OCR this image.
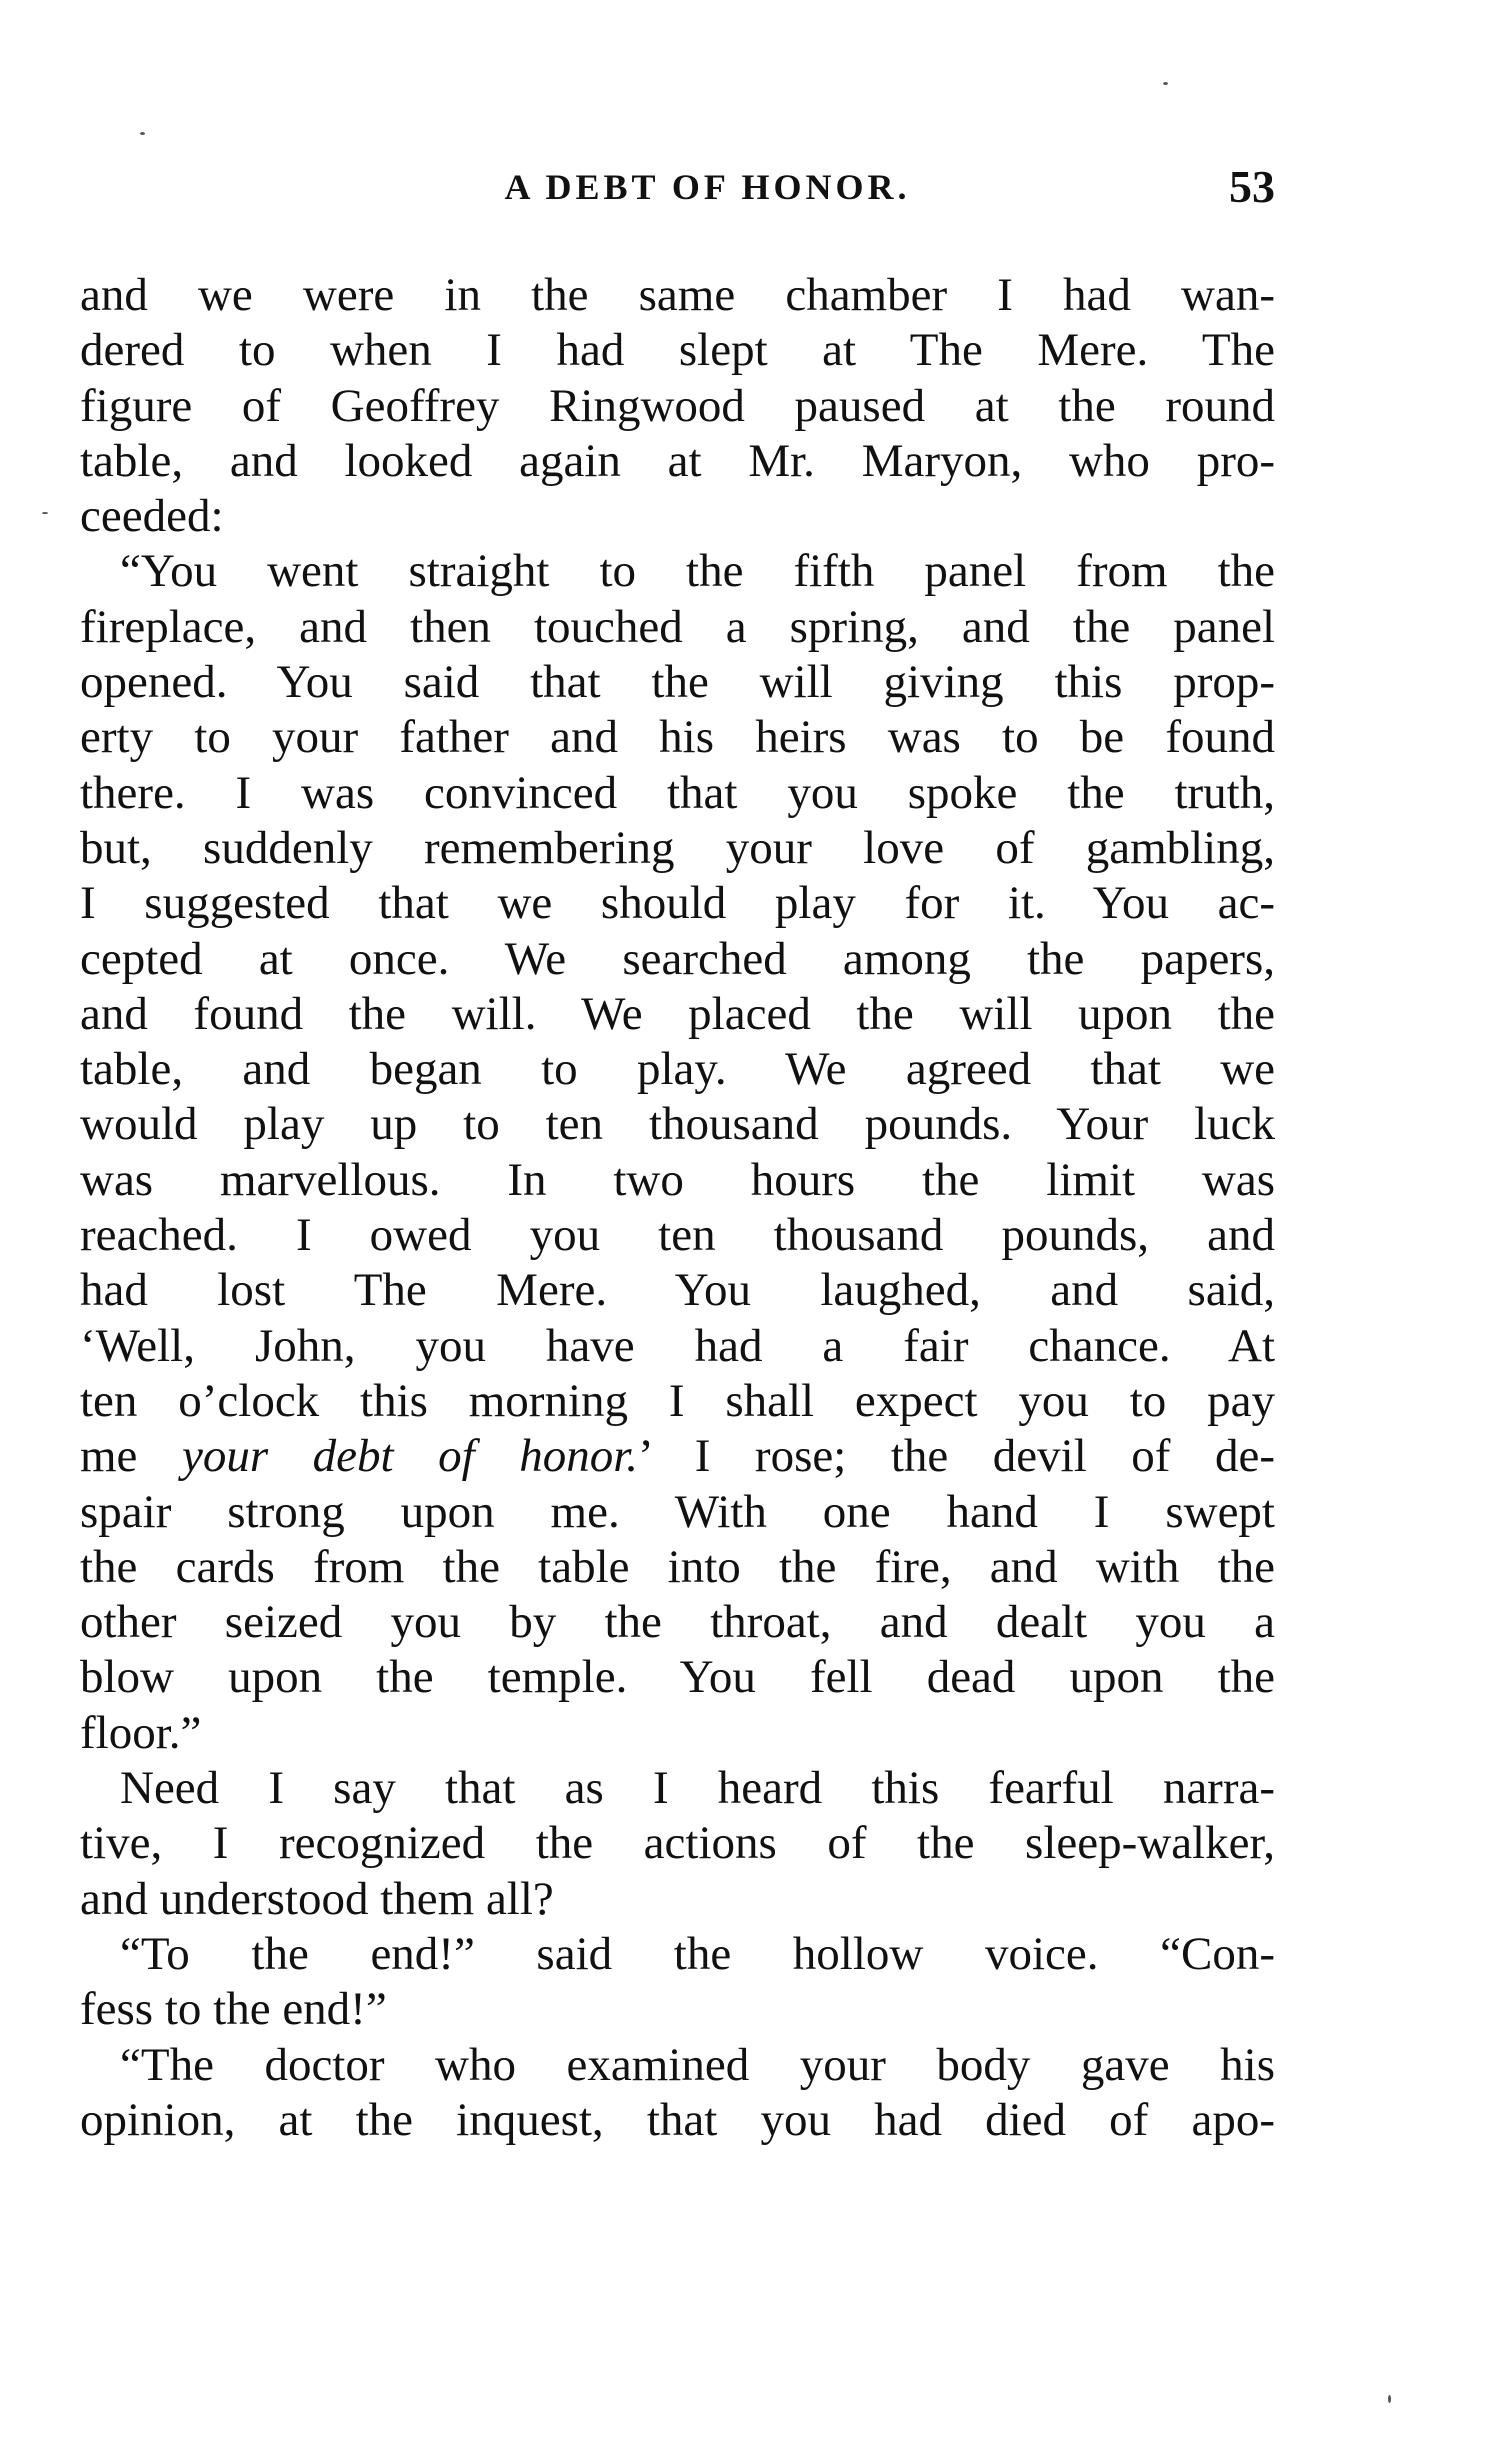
A DEBT OF HONOR.	53

and we were in the same chamber I had wan-
dered to when I had slept at The Mere. The
figure of Geoffrey Ringwood paused at the round
table, and looked again at Mr. Maryon, who pro-
ceeded:
“You went straight to the fifth panel from the
fireplace, and then touched a spring, and the panel
opened. You said that the will giving this prop-
erty to your father and his heirs was to be found
there. I was convinced that you spoke the truth,
but, suddenly remembering your love of gambling,
I suggested that we should play for it. You ac-
cepted at once. We searched among the papers,
and found the will. We placed the will upon the
table, and began to play. We agreed that we
would play up to ten thousand pounds. Your luck
was marvellous. In two hours the limit was
reached. I owed you ten thousand pounds, and
had lost The Mere. You laughed, and said,
‘Well, John, you have had a fair chance. At
ten o’clock this morning I shall expect you to pay
me your debt of honor.’ I rose; the devil of de-
spair strong upon me. With one hand I swept
the cards from the table into the fire, and with the
other seized you by the throat, and dealt you a
blow upon the temple. You fell dead upon the
floor.”
Need I say that as I heard this fearful narra-
tive, I recognized the actions of the sleep-walker,
and understood them all?
“To the end!” said the hollow voice. “Con-
fess to the end!”
“The doctor who examined your body gave his
opinion, at the inquest, that you had died of apo-
